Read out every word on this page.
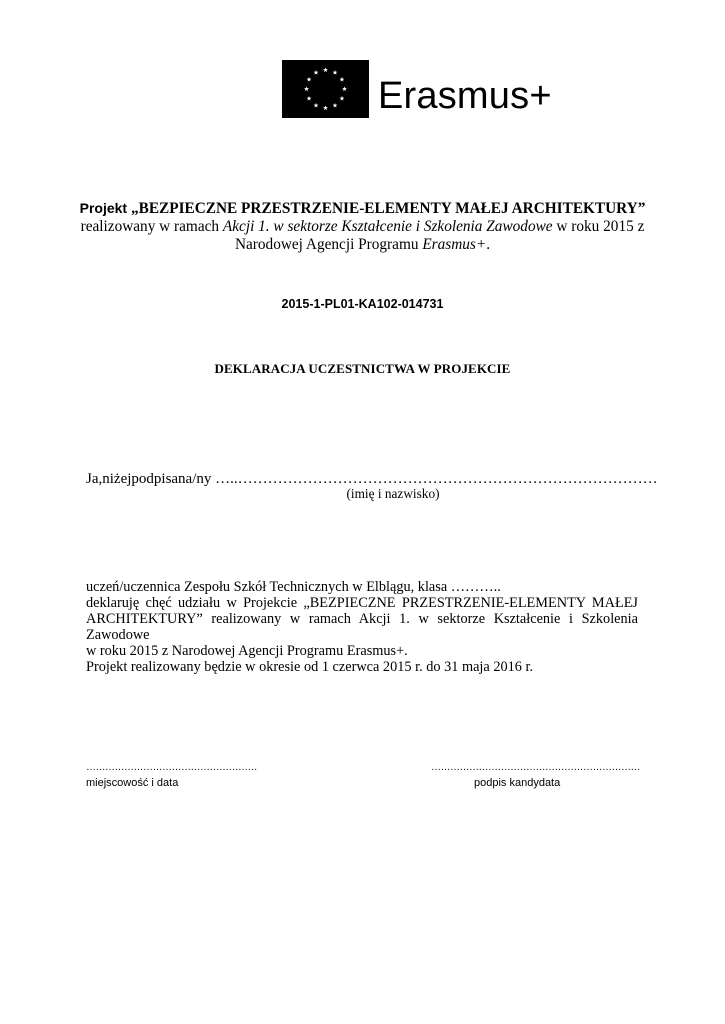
Erasmus+
Projekt „BEZPIECZNE PRZESTRZENIE-ELEMENTY MAŁEJ ARCHITEKTURY”
realizowany w ramach Akcji 1. w sektorze Kształcenie i Szkolenia Zawodowe w roku 2015 z
Narodowej Agencji Programu Erasmus+.
2015-1-PL01-KA102-014731
DEKLARACJA UCZESTNICTWA W PROJEKCIE
Ja,niżejpodpisana/ny …..…………………………………………………………………………
(imię i nazwisko)
uczeń/uczennica Zespołu Szkół Technicznych w Elblągu, klasa ………..
deklaruję chęć udziału w Projekcie „BEZPIECZNE PRZESTRZENIE-ELEMENTY MAŁEJ
ARCHITEKTURY” realizowany w ramach Akcji 1. w sektorze Kształcenie i Szkolenia Zawodowe
w roku 2015 z Narodowej Agencji Programu Erasmus+.
Projekt realizowany będzie w okresie od 1 czerwca 2015 r. do 31 maja 2016 r.
………………………………………………
miejscowość i data
…………………………………………………………
podpis kandydata
